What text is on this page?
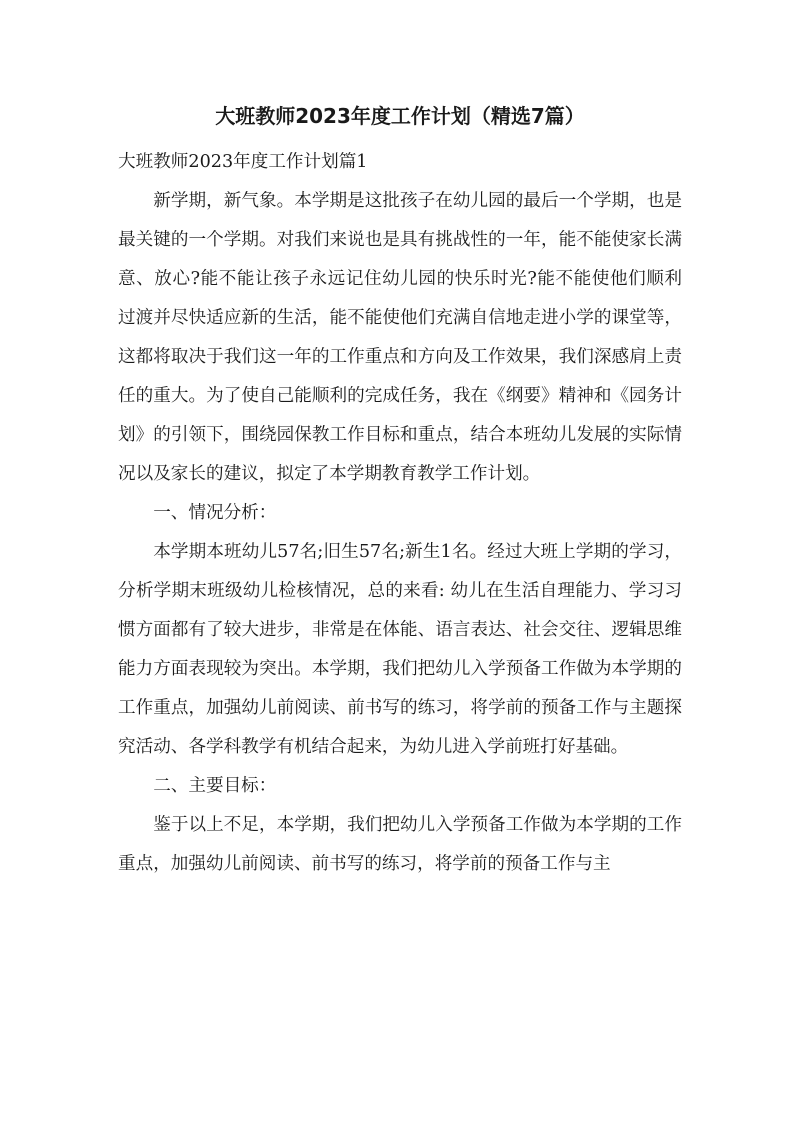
大班教师2023年度工作计划（精选7篇）

大班教师2023年度工作计划篇1

新学期，新气象。本学期是这批孩子在幼儿园的最后一个学期，也是最关键的一个学期。对我们来说也是具有挑战性的一年，能不能使家长满意、放心?能不能让孩子永远记住幼儿园的快乐时光?能不能使他们顺利过渡并尽快适应新的生活，能不能使他们充满自信地走进小学的课堂等，这都将取决于我们这一年的工作重点和方向及工作效果，我们深感肩上责任的重大。为了使自己能顺利的完成任务，我在《纲要》精神和《园务计划》的引领下，围绕园保教工作目标和重点，结合本班幼儿发展的实际情况以及家长的建议，拟定了本学期教育教学工作计划。

一、情况分析：

本学期本班幼儿57名;旧生57名;新生1名。经过大班上学期的学习，分析学期末班级幼儿检核情况，总的来看: 幼儿在生活自理能力、学习习惯方面都有了较大进步，非常是在体能、语言表达、社会交往、逻辑思维能力方面表现较为突出。本学期，我们把幼儿入学预备工作做为本学期的工作重点，加强幼儿前阅读、前书写的练习，将学前的预备工作与主题探究活动、各学科教学有机结合起来，为幼儿进入学前班打好基础。

二、主要目标：

鉴于以上不足，本学期，我们把幼儿入学预备工作做为本学期的工作重点，加强幼儿前阅读、前书写的练习，将学前的预备工作与主
